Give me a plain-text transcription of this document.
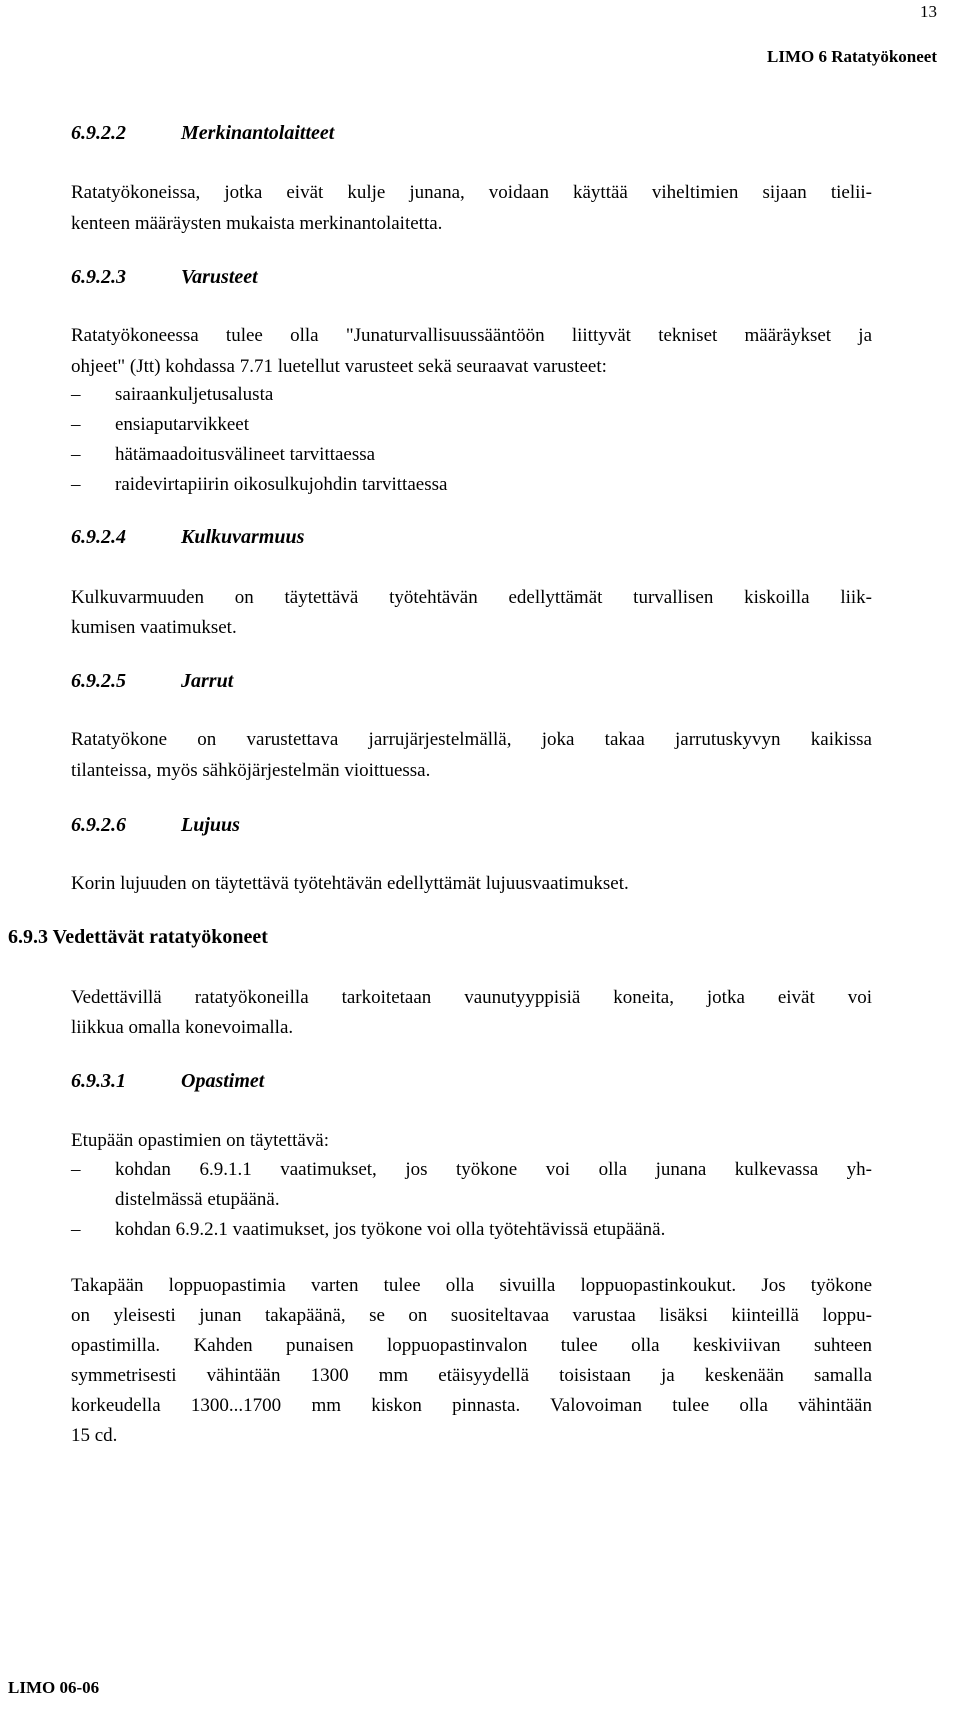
13
LIMO 6 Ratatyökoneet
6.9.2.2	Merkinantolaitteet
Ratatyökoneissa, jotka eivät kulje junana, voidaan käyttää viheltimien sijaan tielii-
kenteen määräysten mukaista merkinantolaitetta.
6.9.2.3	Varusteet
Ratatyökoneessa tulee olla "Junaturvallisuussääntöön liittyvät tekniset määräykset ja
ohjeet" (Jtt) kohdassa 7.71 luetellut varusteet sekä seuraavat varusteet:
– sairaankuljetusalusta
– ensiaputarvikkeet
– hätämaadoitusvälineet tarvittaessa
– raidevirtapiirin oikosulkujohdin tarvittaessa
6.9.2.4	Kulkuvarmuus
Kulkuvarmuuden on täytettävä työtehtävän edellyttämät turvallisen kiskoilla liik-
kumisen vaatimukset.
6.9.2.5	Jarrut
Ratatyökone on varustettava jarrujärjestelmällä, joka takaa jarrutuskyvyn kaikissa
tilanteissa, myös sähköjärjestelmän vioittuessa.
6.9.2.6	Lujuus
Korin lujuuden on täytettävä työtehtävän edellyttämät lujuusvaatimukset.
6.9.3 Vedettävät ratatyökoneet
Vedettävillä ratatyökoneilla tarkoitetaan vaunutyyppisiä koneita, jotka eivät voi
liikkua omalla konevoimalla.
6.9.3.1	Opastimet
Etupään opastimien on täytettävä:
– kohdan 6.9.1.1 vaatimukset, jos työkone voi olla junana kulkevassa yh-
distelmässä etupäänä.
– kohdan 6.9.2.1 vaatimukset, jos työkone voi olla työtehtävissä etupäänä.
Takapään loppuopastimia varten tulee olla sivuilla loppuopastinkoukut. Jos työkone
on yleisesti junan takapäänä, se on suositeltavaa varustaa lisäksi kiinteillä loppu-
opastimilla. Kahden punaisen loppuopastinvalon tulee olla keskiviivan suhteen
symmetrisesti vähintään 1300 mm etäisyydellä toisistaan ja keskenään samalla
korkeudella 1300...1700 mm kiskon pinnasta. Valovoiman tulee olla vähintään
15 cd.
LIMO 06-06
